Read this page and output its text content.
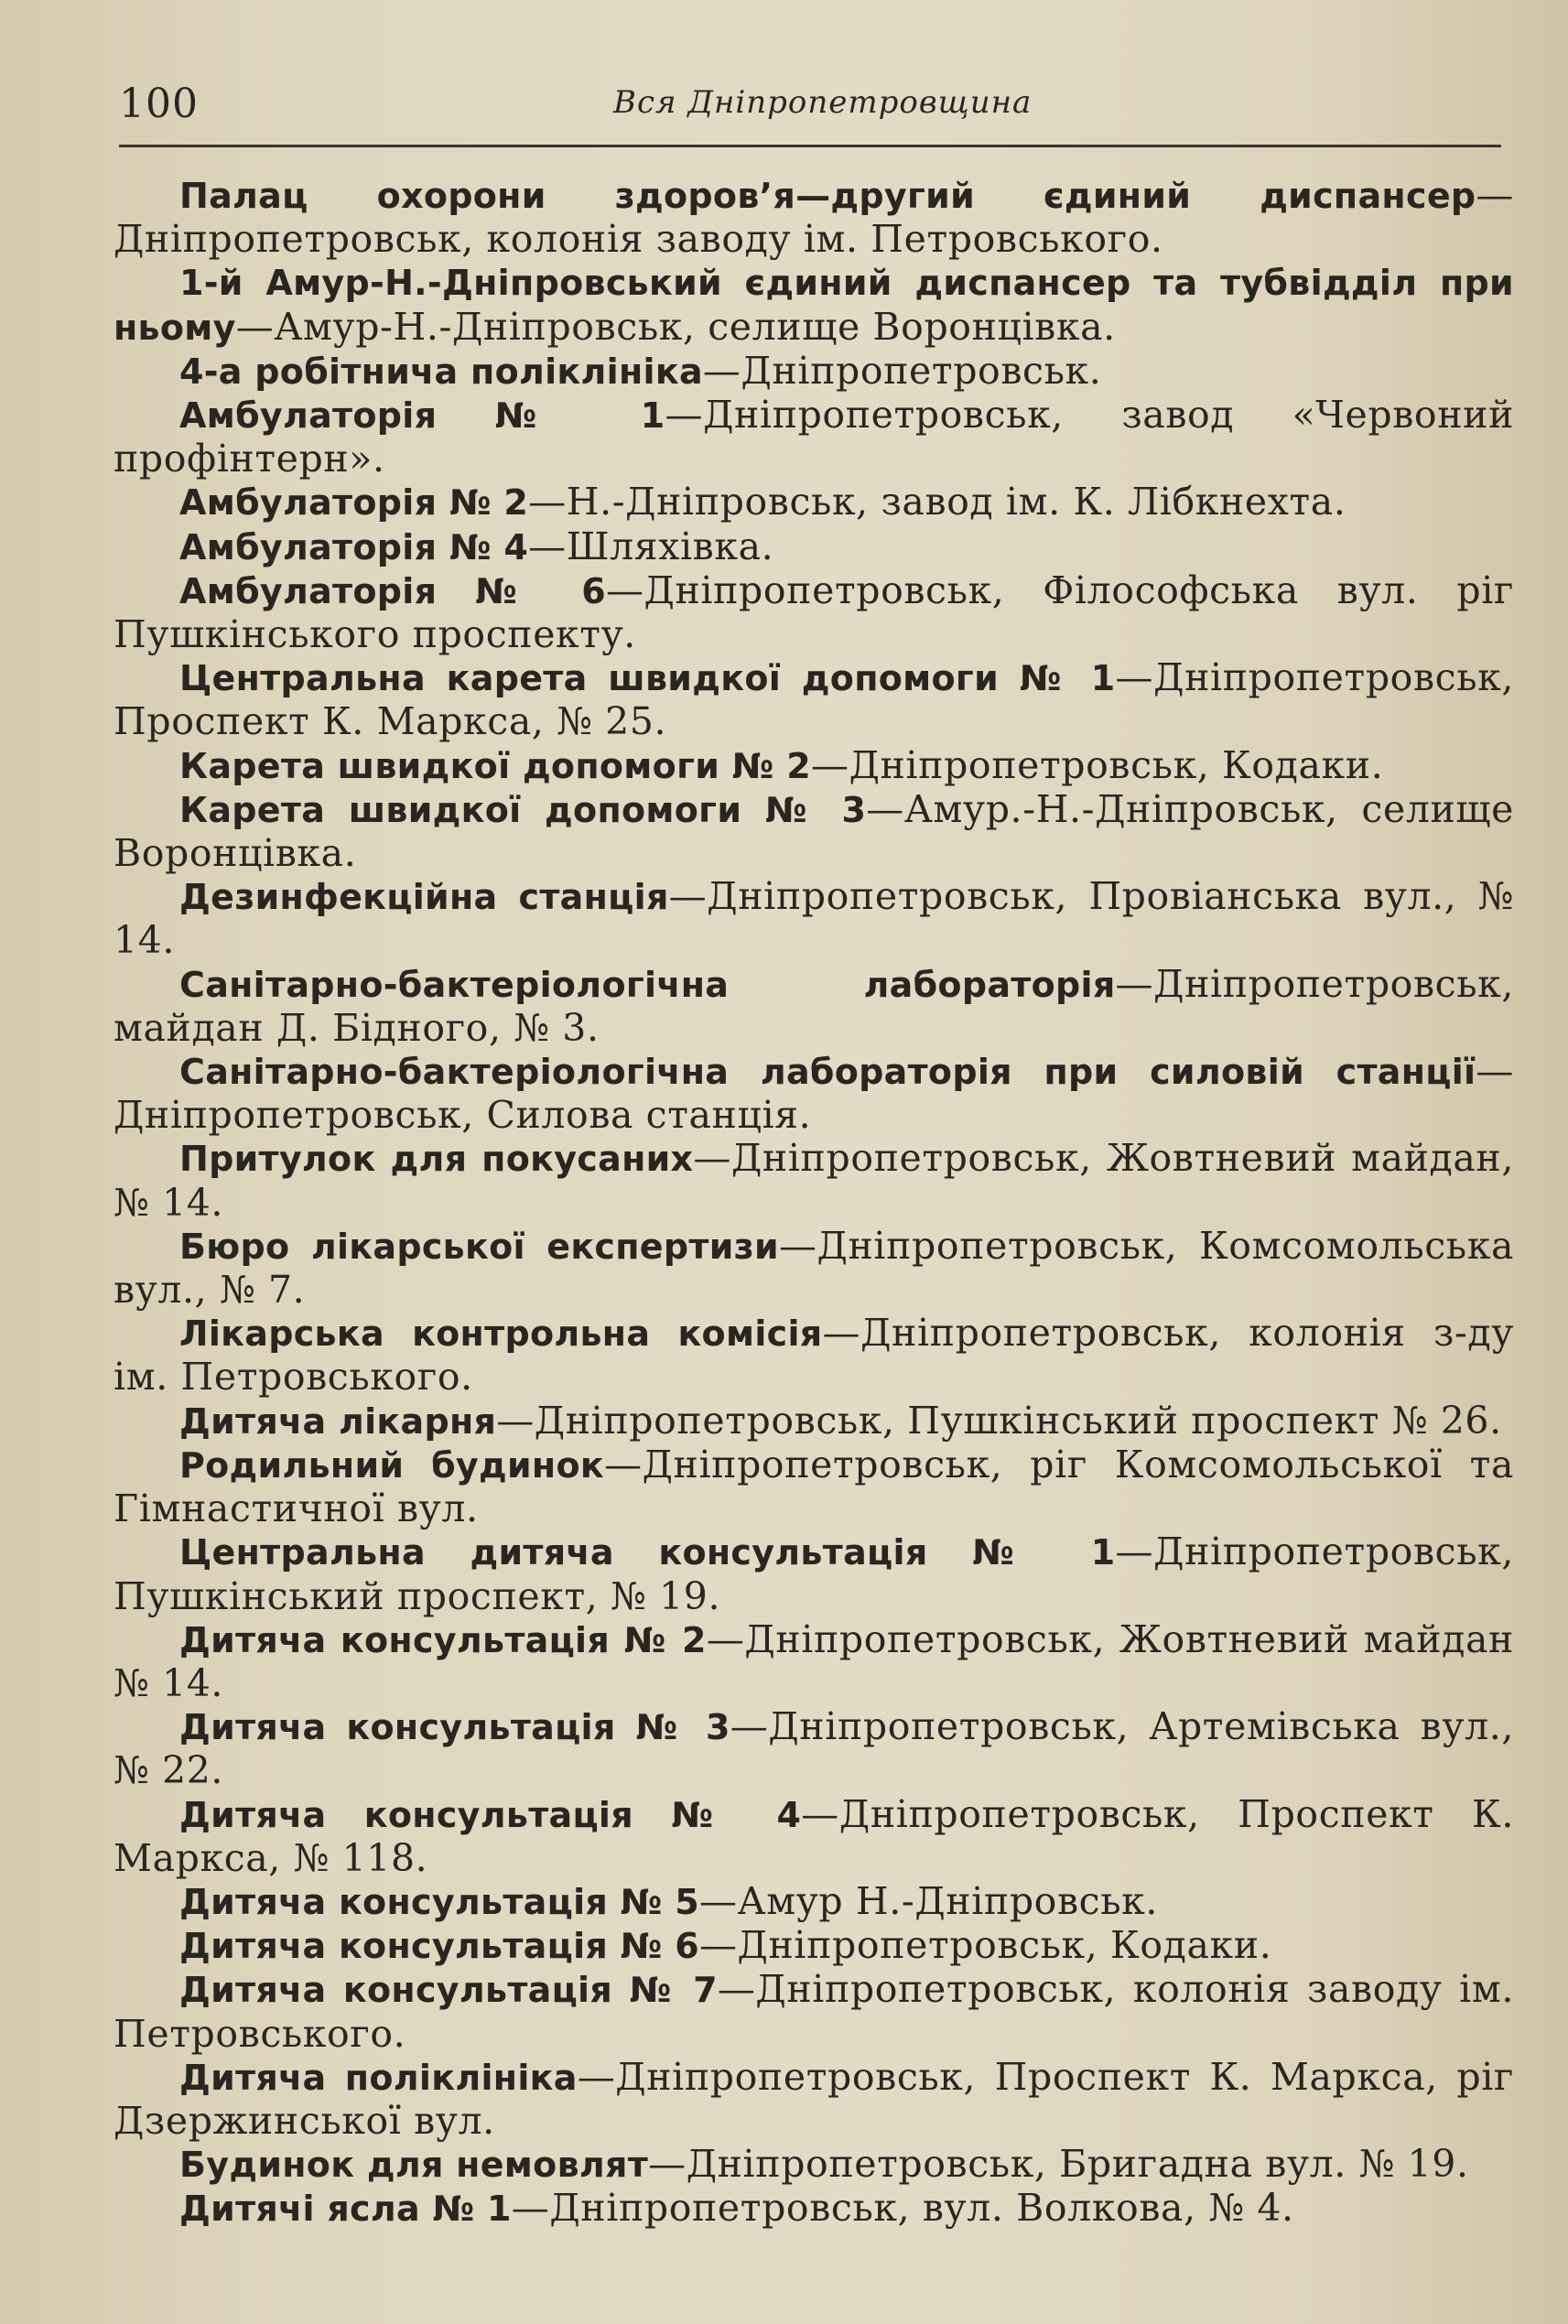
100	Вся Дніпропетровщина

Палац охорони здоров’я—другий єдиний диспансер—Дніпропетровськ, колонія заводу ім. Петровського.

1-й Амур-Н.-Дніпровський єдиний диспансер та тубвідділ при ньому—Амур-Н.-Дніпровськ, селище Воронцівка.

4-а робітнича поліклініка—Дніпропетровськ.

Амбулаторія № 1—Дніпропетровськ, завод «Червоний профінтерн».

Амбулаторія № 2—Н.-Дніпровськ, завод ім. К. Лібкнехта.

Амбулаторія № 4—Шляхівка.

Амбулаторія № 6—Дніпропетровськ, Філософська вул. ріг Пушкінського проспекту.

Центральна карета швидкої допомоги № 1—Дніпропетровськ, Проспект К. Маркса, № 25.

Карета швидкої допомоги № 2—Дніпропетровськ, Кодаки.

Карета швидкої допомоги № 3—Амур.-Н.-Дніпровськ, селище Воронцівка.

Дезинфекційна станція—Дніпропетровськ, Провіанська вул., № 14.

Санітарно-бактеріологічна лабораторія—Дніпропетровськ, майдан Д. Бідного, № 3.

Санітарно-бактеріологічна лабораторія при силовій станції—Дніпропетровськ, Силова станція.

Притулок для покусаних—Дніпропетровськ, Жовтневий майдан, № 14.

Бюро лікарської експертизи—Дніпропетровськ, Комсомольська вул., № 7.

Лікарська контрольна комісія—Дніпропетровськ, колонія з-ду ім. Петровського.

Дитяча лікарня—Дніпропетровськ, Пушкінський проспект № 26.

Родильний будинок—Дніпропетровськ, ріг Комсомольської та Гімнастичної вул.

Центральна дитяча консультація № 1—Дніпропетровськ, Пушкінський проспект, № 19.

Дитяча консультація № 2—Дніпропетровськ, Жовтневий майдан № 14.

Дитяча консультація № 3—Дніпропетровськ, Артемівська вул., № 22.

Дитяча консультація № 4—Дніпропетровськ, Проспект К. Маркса, № 118.

Дитяча консультація № 5—Амур Н.-Дніпровськ.

Дитяча консультація № 6—Дніпропетровськ, Кодаки.

Дитяча консультація № 7—Дніпропетровськ, колонія заводу ім. Петровського.

Дитяча поліклініка—Дніпропетровськ, Проспект К. Маркса, ріг Дзержинської вул.

Будинок для немовлят—Дніпропетровськ, Бригадна вул. № 19.

Дитячі ясла № 1—Дніпропетровськ, вул. Волкова, № 4.
